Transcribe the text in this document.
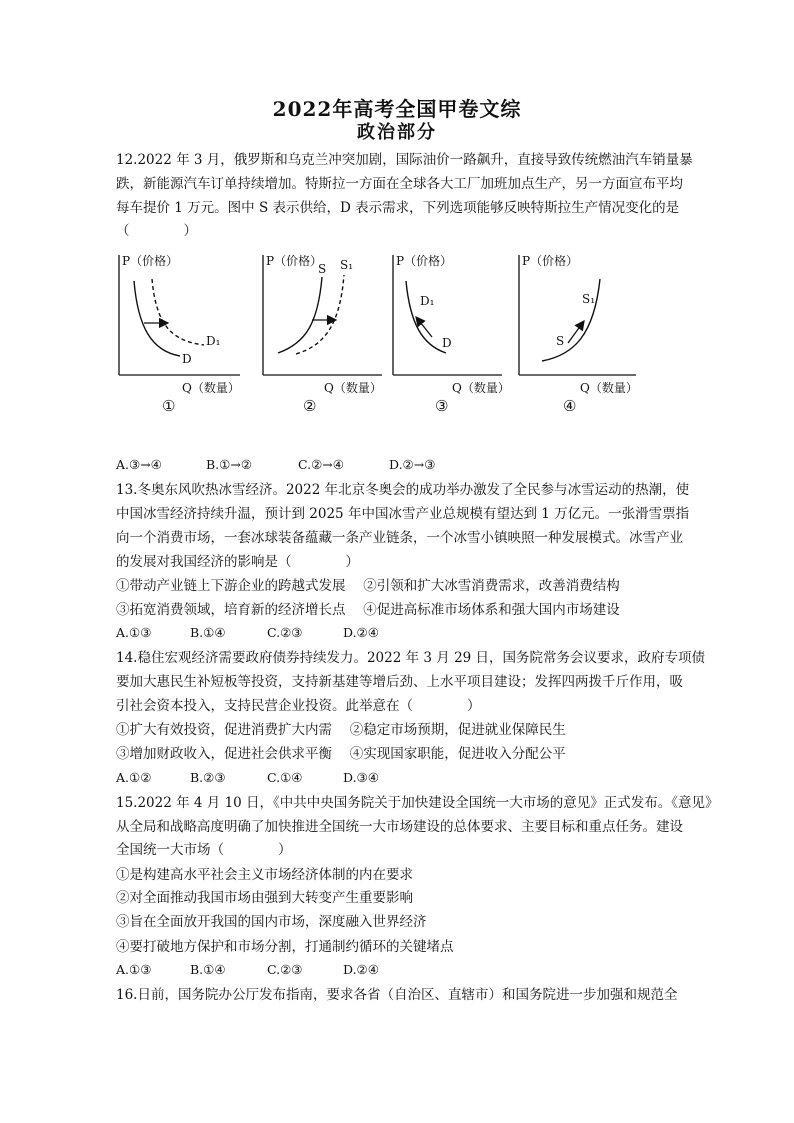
2022年高考全国甲卷文综
政治部分
12.2022 年 3 月，俄罗斯和乌克兰冲突加剧，国际油价一路飙升，直接导致传统燃油汽车销量暴
跌，新能源汽车订单持续增加。特斯拉一方面在全球各大工厂加班加点生产，另一方面宣布平均
每车提价 1 万元。图中 S 表示供给，D 表示需求，下列选项能够反映特斯拉生产情况变化的是
（　　　　）
P（价格）
D
D₁
Q（数量）
P（价格）
S S₁
Q（数量）
P（价格）
D₁
D
Q（数量）
P（价格）
S
S₁
Q（数量）
①	②	③	④
A.③→④	B.①→②	C.②→④	D.②→③
13.冬奥东风吹热冰雪经济。2022 年北京冬奥会的成功举办激发了全民参与冰雪运动的热潮，使
中国冰雪经济持续升温，预计到 2025 年中国冰雪产业总规模有望达到 1 万亿元。一张滑雪票指
向一个消费市场，一套冰球装备蕴藏一条产业链条，一个冰雪小镇映照一种发展模式。冰雪产业
的发展对我国经济的影响是（　　　　）
①带动产业链上下游企业的跨越式发展　 ②引领和扩大冰雪消费需求，改善消费结构
③拓宽消费领域，培育新的经济增长点　 ④促进高标准市场体系和强大国内市场建设
A.①③	B.①④	C.②③	D.②④
14.稳住宏观经济需要政府债券持续发力。2022 年 3 月 29 日，国务院常务会议要求，政府专项债
要加大惠民生补短板等投资，支持新基建等增后劲、上水平项目建设；发挥四两拨千斤作用，吸
引社会资本投入，支持民营企业投资。此举意在（　　　　）
①扩大有效投资，促进消费扩大内需　 ②稳定市场预期，促进就业保障民生
③增加财政收入，促进社会供求平衡　 ④实现国家职能，促进收入分配公平
A.①②	B.②③	C.①④	D.③④
15.2022 年 4 月 10 日，《中共中央国务院关于加快建设全国统一大市场的意见》正式发布。《意见》
从全局和战略高度明确了加快推进全国统一大市场建设的总体要求、主要目标和重点任务。建设
全国统一大市场（　　　　）
①是构建高水平社会主义市场经济体制的内在要求
②对全面推动我国市场由强到大转变产生重要影响
③旨在全面放开我国的国内市场，深度融入世界经济
④要打破地方保护和市场分割，打通制约循环的关键堵点
A.①③	B.①④	C.②③	D.②④
16.日前，国务院办公厅发布指南，要求各省（自治区、直辖市）和国务院进一步加强和规范全
